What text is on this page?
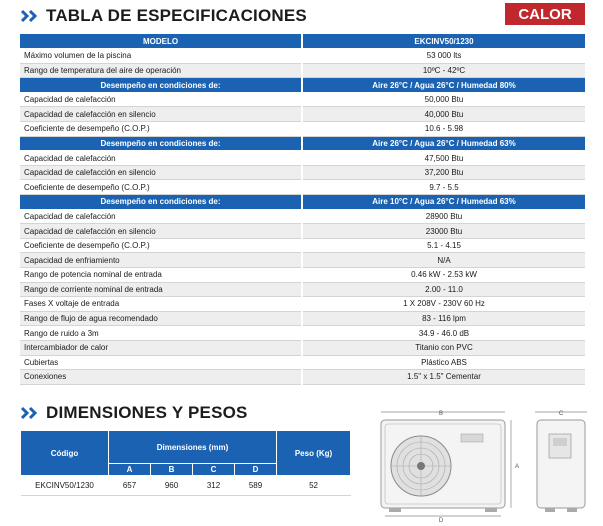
TABLA DE ESPECIFICACIONES	CALOR
MODELO	EKCINV50/1230
Máximo volumen de la piscina	53 000 lts
Rango de temperatura del aire de operación	10ºC - 42ºC
Desempeño en condiciones de:	Aire 26°C / Agua 26°C / Humedad 80%
Capacidad de calefacción	50,000 Btu
Capacidad de calefacción en silencio	40,000 Btu
Coeficiente de desempeño (C.O.P.)	10.6 - 5.98
Desempeño en condiciones de:	Aire 26°C / Agua 26°C / Humedad 63%
Capacidad de calefacción	47,500 Btu
Capacidad de calefacción en silencio	37,200 Btu
Coeficiente de desempeño (C.O.P.)	9.7 - 5.5
Desempeño en condiciones de:	Aire 10°C / Agua 26°C / Humedad 63%
Capacidad de calefacción	28900 Btu
Capacidad de calefacción en silencio	23000 Btu
Coeficiente de desempeño (C.O.P.)	5.1 - 4.15
Capacidad de enfriamiento	N/A
Rango de potencia nominal de entrada	0.46 kW - 2.53 kW
Rango de corriente nominal de entrada	2.00 - 11.0
Fases X voltaje de entrada	1 X 208V - 230V 60 Hz
Rango de flujo de agua recomendado	83 - 116 lpm
Rango de ruido a 3m	34.9 - 46.0 dB
Intercambiador de calor	Titanio con PVC
Cubiertas	Plástico ABS
Conexiones	1.5" x 1.5" Cementar
DIMENSIONES Y PESOS
Código	Dimensiones (mm)				Peso (Kg)
	A	B	C	D	
EKCINV50/1230	657	960	312	589	52
B
A
D
C
